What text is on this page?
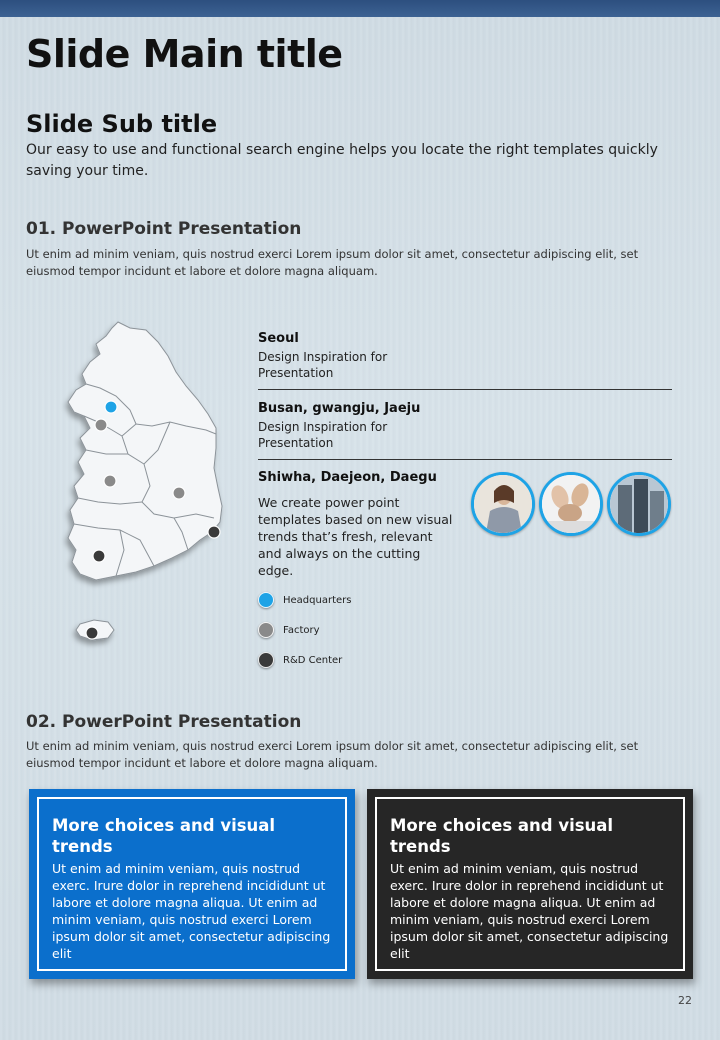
Slide Main title
Slide Sub title
Our easy to use and functional search engine helps you locate the right templates quickly saving your time.
01. PowerPoint Presentation
Ut enim ad minim veniam, quis nostrud exerci Lorem ipsum dolor sit amet, consectetur adipiscing elit, set eiusmod tempor incidunt et labore et dolore magna aliquam.
Seoul
Design Inspiration for Presentation
Busan, gwangju, Jaeju
Design Inspiration for Presentation
Shiwha, Daejeon, Daegu
We create power point templates based on new visual trends that’s fresh, relevant and always on the cutting edge.
Headquarters
Factory
R&D Center
02. PowerPoint Presentation
Ut enim ad minim veniam, quis nostrud exerci Lorem ipsum dolor sit amet, consectetur adipiscing elit, set eiusmod tempor incidunt et labore et dolore magna aliquam.
More choices and visual trends
Ut enim ad minim veniam, quis nostrud exerc. Irure dolor in reprehend incididunt ut labore et dolore magna aliqua. Ut enim ad minim veniam, quis nostrud exerci Lorem ipsum dolor sit amet, consectetur adipiscing elit
More choices and visual trends
Ut enim ad minim veniam, quis nostrud exerc. Irure dolor in reprehend incididunt ut labore et dolore magna aliqua. Ut enim ad minim veniam, quis nostrud exerci Lorem ipsum dolor sit amet, consectetur adipiscing elit
22
